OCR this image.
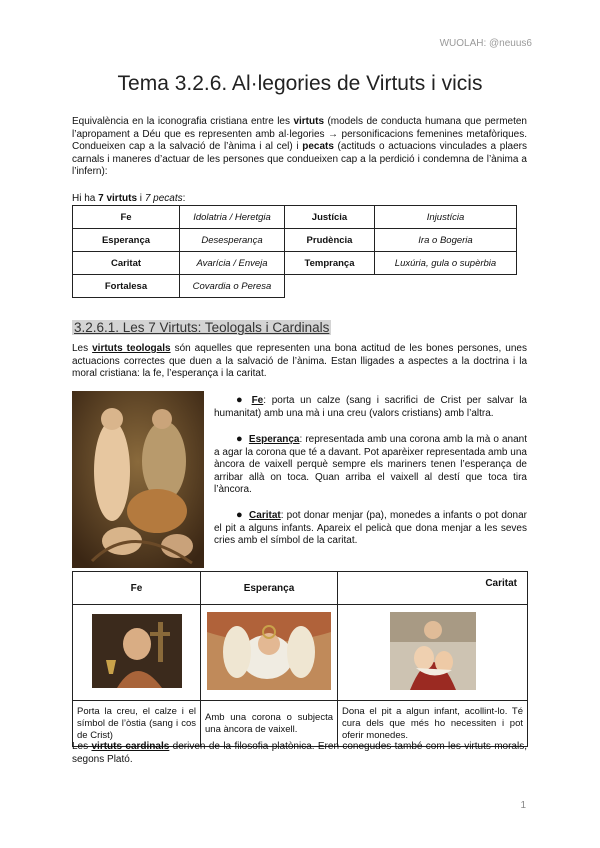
WUOLAH: @neuus6
Tema 3.2.6. Al·legories de Virtuts i vicis
Equivalència en la iconografia cristiana entre les virtuts (models de conducta humana que permeten l’apropament a Déu que es representen amb al·legories → personificacions femenines metafòriques. Condueixen cap a la salvació de l’ànima i al cel) i pecats (actituds o actuacions vinculades a plaers carnals i maneres d’actuar de les persones que condueixen cap a la perdició i condemna de l’ànima a l’infern):
Hi ha 7 virtuts i 7 pecats:
Fe	Idolatria / Heretgia	Justícia	Injustícia
Esperança	Desesperança	Prudència	Ira o Bogeria
Caritat	Avarícia / Enveja	Temprança	Luxúria, gula o supèrbia
Fortalesa	Covardia o Peresa		
3.2.6.1. Les 7 Virtuts: Teologals i Cardinals
Les virtuts teologals són aquelles que representen una bona actitud de les bones persones, unes actuacions correctes que duen a la salvació de l’ànima. Estan lligades a aspectes a la doctrina i la moral cristiana: la fe, l’esperança i la caritat.
● Fe: porta un calze (sang i sacrifici de Crist per salvar la humanitat) amb una mà i una creu (valors cristians) amb l’altra.
● Esperança: representada amb una corona amb la mà o anant a agar la corona que té a davant. Pot aparèixer representada amb una àncora de vaixell perquè sempre els mariners tenen l’esperança de arribar allà on toca. Quan arriba el vaixell al destí que toca tira l’àncora.
● Caritat: pot donar menjar (pa), monedes a infants o pot donar el pit a alguns infants. Apareix el pelicà que dona menjar a les seves cries amb el símbol de la caritat.
Fe	Esperança	Caritat

Porta la creu, el calze i el símbol de l’òstia (sang i cos de Crist)	Amb una corona o subjecta una àncora de vaixell.	Dona el pit a algun infant, acollint-lo. Té cura dels que més ho necessiten i pot oferir monedes.
Les virtuts cardinals deriven de la filosofia platònica. Eren conegudes també com les virtuts morals, segons Plató.
1
